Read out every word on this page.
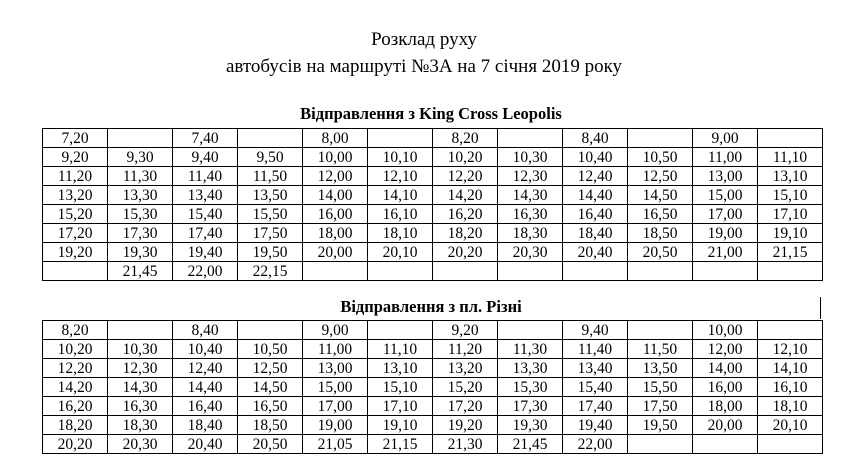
Розклад руху
автобусів на маршруті №3А на 7 січня 2019 року
Відправлення з King Cross Leopolis
7,20		7,40		8,00		8,20		8,40		9,00	
9,20	9,30	9,40	9,50	10,00	10,10	10,20	10,30	10,40	10,50	11,00	11,10
11,20	11,30	11,40	11,50	12,00	12,10	12,20	12,30	12,40	12,50	13,00	13,10
13,20	13,30	13,40	13,50	14,00	14,10	14,20	14,30	14,40	14,50	15,00	15,10
15,20	15,30	15,40	15,50	16,00	16,10	16,20	16,30	16,40	16,50	17,00	17,10
17,20	17,30	17,40	17,50	18,00	18,10	18,20	18,30	18,40	18,50	19,00	19,10
19,20	19,30	19,40	19,50	20,00	20,10	20,20	20,30	20,40	20,50	21,00	21,15
	21,45	22,00	22,15								
Відправлення з пл. Різні
8,20		8,40		9,00		9,20		9,40		10,00	
10,20	10,30	10,40	10,50	11,00	11,10	11,20	11,30	11,40	11,50	12,00	12,10
12,20	12,30	12,40	12,50	13,00	13,10	13,20	13,30	13,40	13,50	14,00	14,10
14,20	14,30	14,40	14,50	15,00	15,10	15,20	15,30	15,40	15,50	16,00	16,10
16,20	16,30	16,40	16,50	17,00	17,10	17,20	17,30	17,40	17,50	18,00	18,10
18,20	18,30	18,40	18,50	19,00	19,10	19,20	19,30	19,40	19,50	20,00	20,10
20,20	20,30	20,40	20,50	21,05	21,15	21,30	21,45	22,00			
